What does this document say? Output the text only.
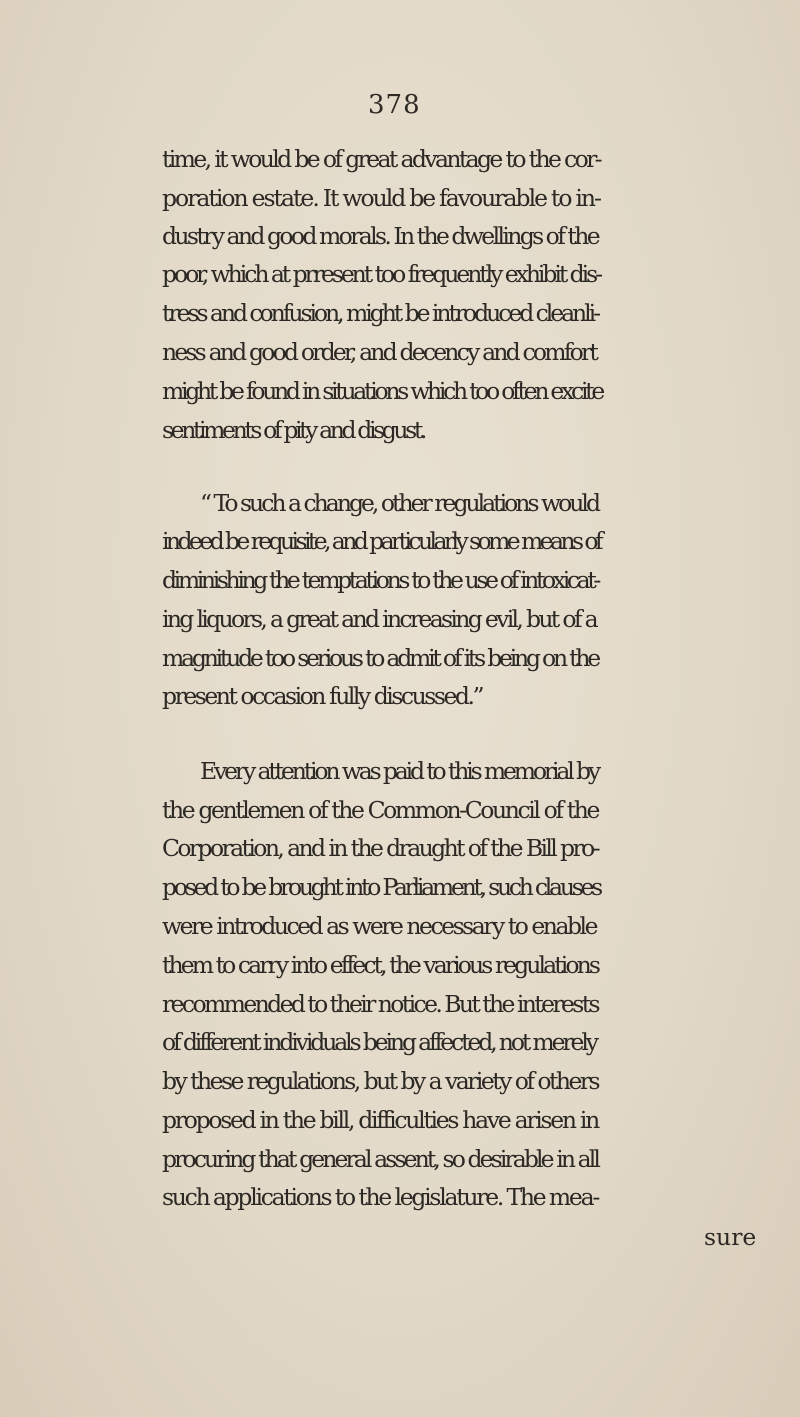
378
time, it would be of great advantage to the cor-
poration estate. It would be favourable to in-
dustry and good morals. In the dwellings of the
poor, which at prresent too frequently exhibit dis-
tress and confusion, might be introduced cleanli-
ness and good order, and decency and comfort
might be found in situations which too often excite
sentiments of pity and disgust.
“ To such a change, other regulations would
indeed be requisite, and particularly some means of
diminishing the temptations to the use of intoxicat-
ing liquors, a great and increasing evil, but of a
magnitude too serious to admit of its being on the
present occasion fully discussed.”
Every attention was paid to this memorial by
the gentlemen of the Common-Council of the
Corporation, and in the draught of the Bill pro-
posed to be brought into Parliament, such clauses
were introduced as were necessary to enable
them to carry into effect, the various regulations
recommended to their notice. But the interests
of different individuals being affected, not merely
by these regulations, but by a variety of others
proposed in the bill, difficulties have arisen in
procuring that general assent, so desirable in all
such applications to the legislature. The mea-
sure
